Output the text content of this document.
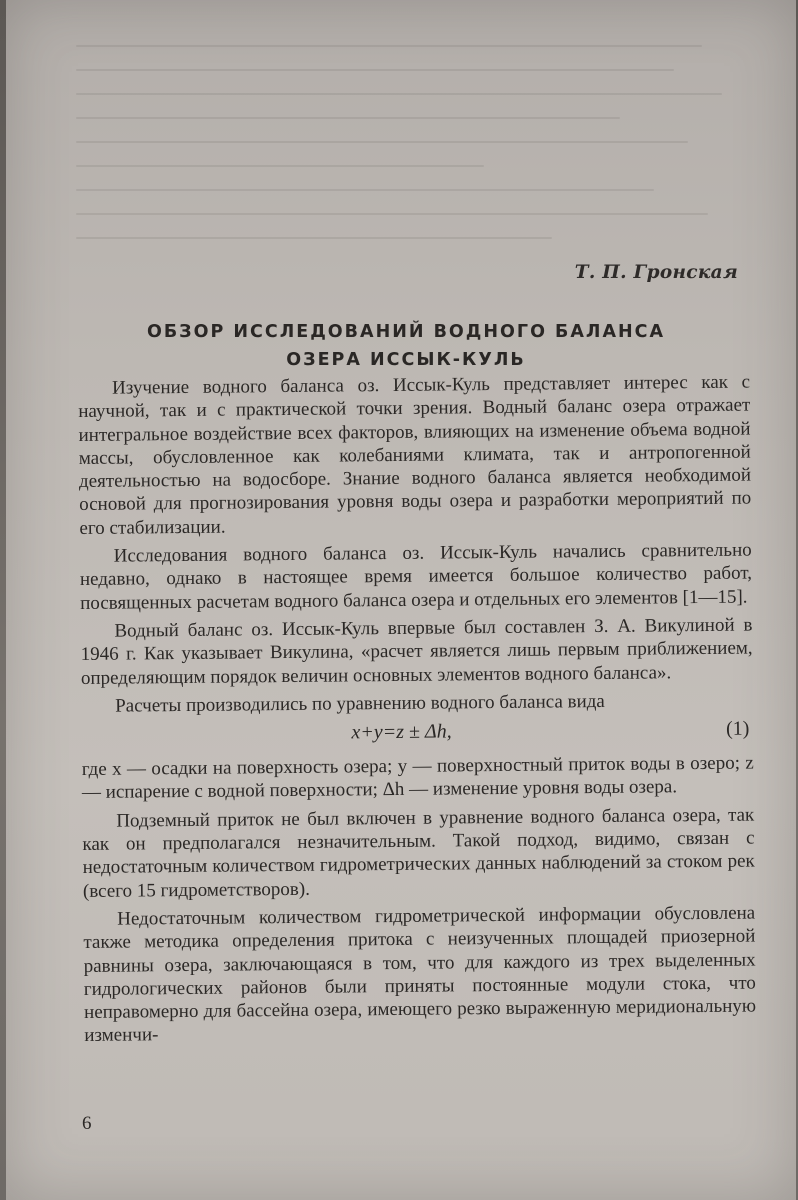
Т. П. Гронская
ОБЗОР ИССЛЕДОВАНИЙ ВОДНОГО БАЛАНСА
ОЗЕРА ИССЫК-КУЛЬ

Изучение водного баланса оз. Иссык-Куль представляет интерес как с научной, так и с практической точки зрения. Водный баланс озера отражает интегральное воздействие всех факторов, влияющих на изменение объема водной массы, обусловленное как колебаниями климата, так и антропогенной деятельностью на водосборе. Знание водного баланса является необходимой основой для прогнозирования уровня воды озера и разработки мероприятий по его стабилизации.

Исследования водного баланса оз. Иссык-Куль начались сравнительно недавно, однако в настоящее время имеется большое количество работ, посвященных расчетам водного баланса озера и отдельных его элементов [1—15].

Водный баланс оз. Иссык-Куль впервые был составлен З. А. Викулиной в 1946 г. Как указывает Викулина, «расчет является лишь первым приближением, определяющим порядок величин основных элементов водного баланса».

Расчеты производились по уравнению водного баланса вида

x+y=z ± Δh,	(1)

где x — осадки на поверхность озера; y — поверхностный приток воды в озеро; z — испарение с водной поверхности; Δh — изменение уровня воды озера.

Подземный приток не был включен в уравнение водного баланса озера, так как он предполагался незначительным. Такой подход, видимо, связан с недостаточным количеством гидрометрических данных наблюдений за стоком рек (всего 15 гидрометстворов).

Недостаточным количеством гидрометрической информации обусловлена также методика определения притока с неизученных площадей приозерной равнины озера, заключающаяся в том, что для каждого из трех выделенных гидрологических районов были приняты постоянные модули стока, что неправомерно для бассейна озера, имеющего резко выраженную меридиональную изменчи-

6
